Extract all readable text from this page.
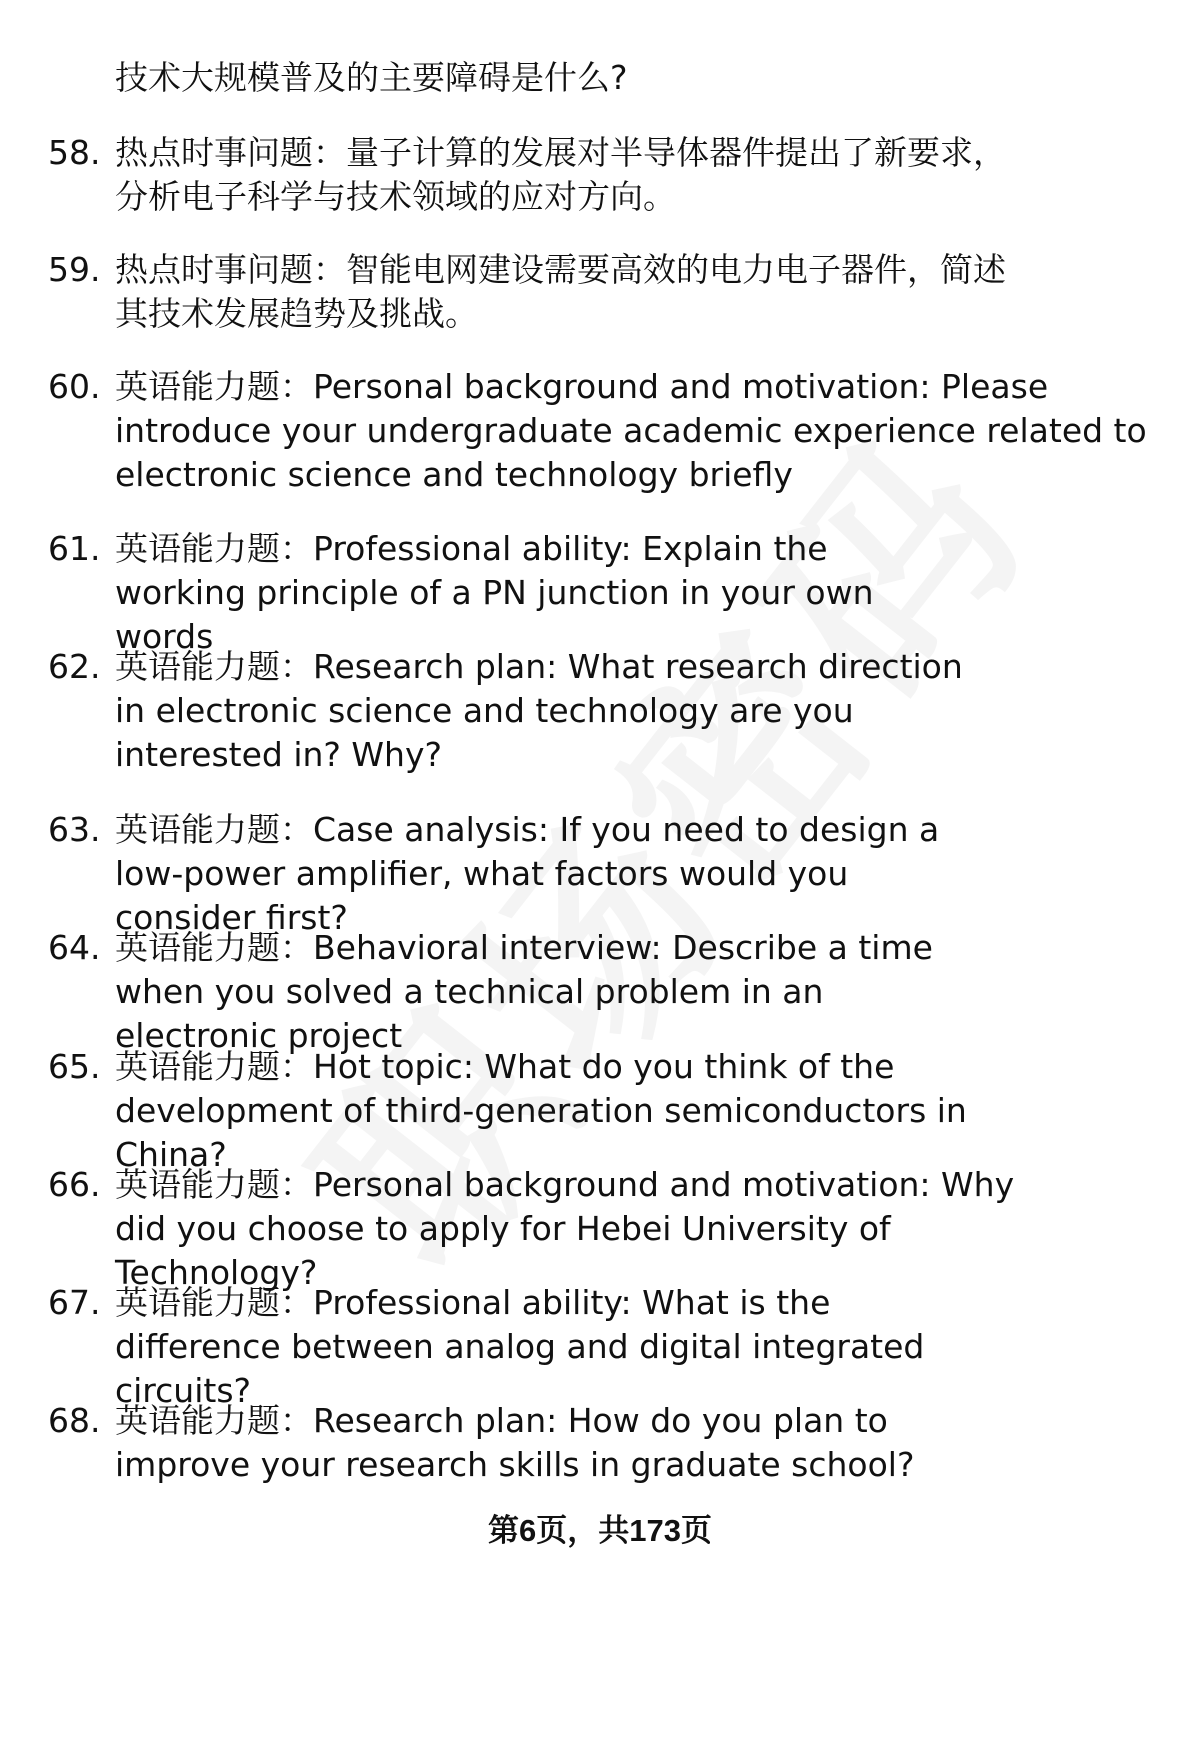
技术大规模普及的主要障碍是什么?
58. 热点时事问题：量子计算的发展对半导体器件提出了新要求，分析电子科学与技术领域的应对方向。
59. 热点时事问题：智能电网建设需要高效的电力电子器件，简述其技术发展趋势及挑战。
60. 英语能力题：Personal background and motivation: Please introduce your undergraduate academic experience related to electronic science and technology briefly
61. 英语能力题：Professional ability: Explain the working principle of a PN junction in your own words
62. 英语能力题：Research plan: What research direction in electronic science and technology are you interested in? Why?
63. 英语能力题：Case analysis: If you need to design a low-power amplifier, what factors would you consider first?
64. 英语能力题：Behavioral interview: Describe a time when you solved a technical problem in an electronic project
65. 英语能力题：Hot topic: What do you think of the development of third-generation semiconductors in China?
66. 英语能力题：Personal background and motivation: Why did you choose to apply for Hebei University of Technology?
67. 英语能力题：Professional ability: What is the difference between analog and digital integrated circuits?
68. 英语能力题：Research plan: How do you plan to improve your research skills in graduate school?
第6页，共173页
